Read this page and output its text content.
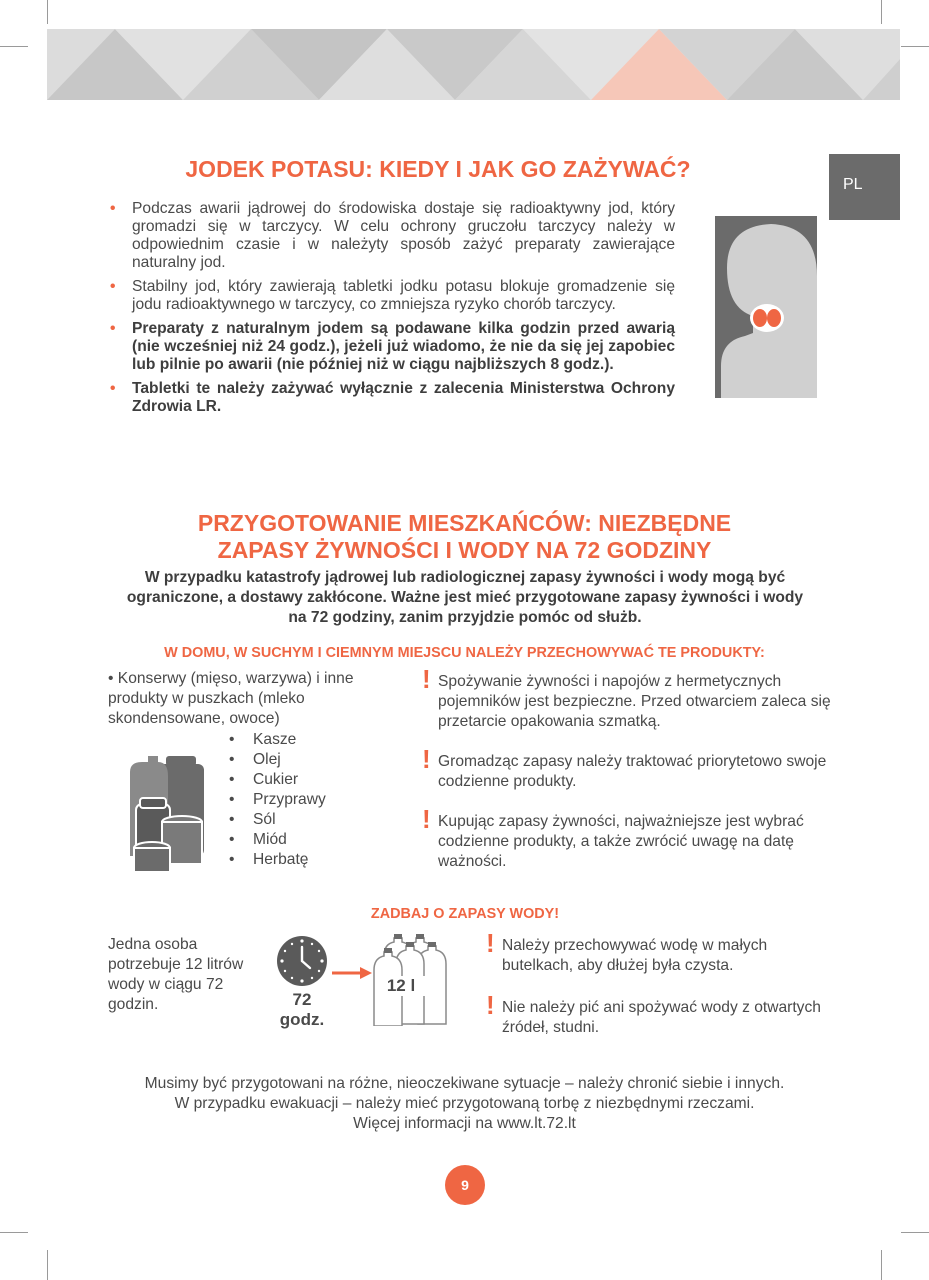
PL
JODEK POTASU: KIEDY I JAK GO ZAŻYWAĆ?
• Podczas awarii jądrowej do środowiska dostaje się radioaktywny jod, który gromadzi się w tarczycy. W celu ochrony gruczołu tarczycy należy w odpowiednim czasie i w należyty sposób zażyć preparaty zawierające naturalny jod.
• Stabilny jod, który zawierają tabletki jodku potasu blokuje gromadzenie się jodu radioaktywnego w tarczycy, co zmniejsza ryzyko chorób tarczycy.
• Preparaty z naturalnym jodem są podawane kilka godzin przed awarią (nie wcześniej niż 24 godz.), jeżeli już wiadomo, że nie da się jej zapobiec lub pilnie po awarii (nie później niż w ciągu najbliższych 8 godz.).
• Tabletki te należy zażywać wyłącznie z zalecenia Ministerstwa Ochrony Zdrowia LR.
PRZYGOTOWANIE MIESZKAŃCÓW: NIEZBĘDNE
ZAPASY ŻYWNOŚCI I WODY NA 72 GODZINY

W przypadku katastrofy jądrowej lub radiologicznej zapasy żywności i wody mogą być ograniczone, a dostawy zakłócone. Ważne jest mieć przygotowane zapasy żywności i wody na 72 godziny, zanim przyjdzie pomóc od służb.

W DOMU, W SUCHYM I CIEMNYM MIEJSCU NALEŻY PRZECHOWYWAĆ TE PRODUKTY:

• Konserwy (mięso, warzywa) i inne produkty w puszkach (mleko skondensowane, owoce)

• Kasze
• Olej
• Cukier
• Przyprawy
• Sól
• Miód
• Herbatę
! Spożywanie żywności i napojów z hermetycznych pojemników jest bezpieczne. Przed otwarciem zaleca się przetarcie opakowania szmatką.
! Gromadząc zapasy należy traktować priorytetowo swoje codzienne produkty.
! Kupując zapasy żywności, najważniejsze jest wybrać codzienne produkty, a także zwrócić uwagę na datę ważności.

ZADBAJ O ZAPASY WODY!

Jedna osoba potrzebuje 12 litrów wody w ciągu 72 godzin.	72 godz.
12 l
! Należy przechowywać wodę w małych butelkach, aby dłużej była czysta.
! Nie należy pić ani spożywać wody z otwartych źródeł, studni.
Musimy być przygotowani na różne, nieoczekiwane sytuacje – należy chronić siebie i innych.
W przypadku ewakuacji – należy mieć przygotowaną torbę z niezbędnymi rzeczami.
Więcej informacji na www.lt.72.lt
9
